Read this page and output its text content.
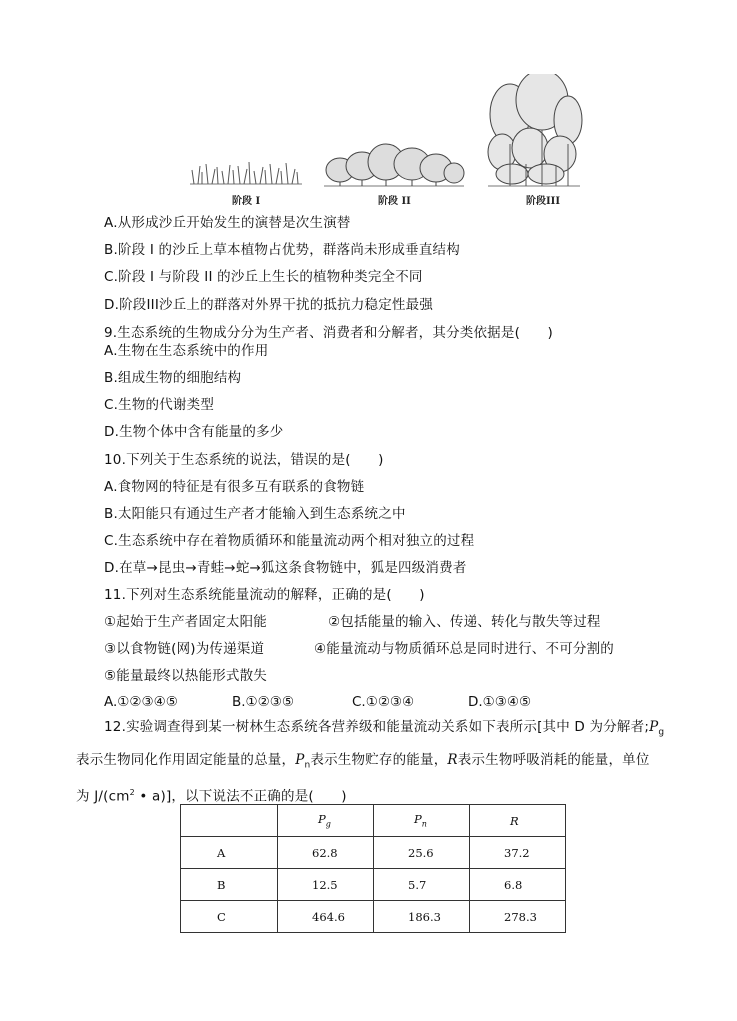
阶段 I	阶段 II	阶段III
A.从形成沙丘开始发生的演替是次生演替
B.阶段 I 的沙丘上草本植物占优势，群落尚未形成垂直结构
C.阶段 I 与阶段 II 的沙丘上生长的植物种类完全不同
D.阶段III沙丘上的群落对外界干扰的抵抗力稳定性最强
9.生态系统的生物成分分为生产者、消费者和分解者，其分类依据是(　　)
A.生物在生态系统中的作用
B.组成生物的细胞结构
C.生物的代谢类型
D.生物个体中含有能量的多少
10.下列关于生态系统的说法，错误的是(　　)
A.食物网的特征是有很多互有联系的食物链
B.太阳能只有通过生产者才能输入到生态系统之中
C.生态系统中存在着物质循环和能量流动两个相对独立的过程
D.在草→昆虫→青蛙→蛇→狐这条食物链中，狐是四级消费者
11.下列对生态系统能量流动的解释，正确的是(　　)
①起始于生产者固定太阳能	②包括能量的输入、传递、转化与散失等过程
③以食物链(网)为传递渠道	④能量流动与物质循环总是同时进行、不可分割的
⑤能量最终以热能形式散失
A.①②③④⑤	B.①②③⑤	C.①②③④	D.①③④⑤
12.实验调查得到某一树林生态系统各营养级和能量流动关系如下表所示[其中 D 为分解者$;P_g$
表示生物同化作用固定能量的总量，$P_n$表示生物贮存的能量，R表示生物呼吸消耗的能量，单位
为 $J/(cm^2$ • a)]，以下说法不正确的是(　　)
	$P_g$	$P_n$	R
A	62.8	25.6	37.2
B	12.5	5.7	6.8
C	464.6	186.3	278.3
